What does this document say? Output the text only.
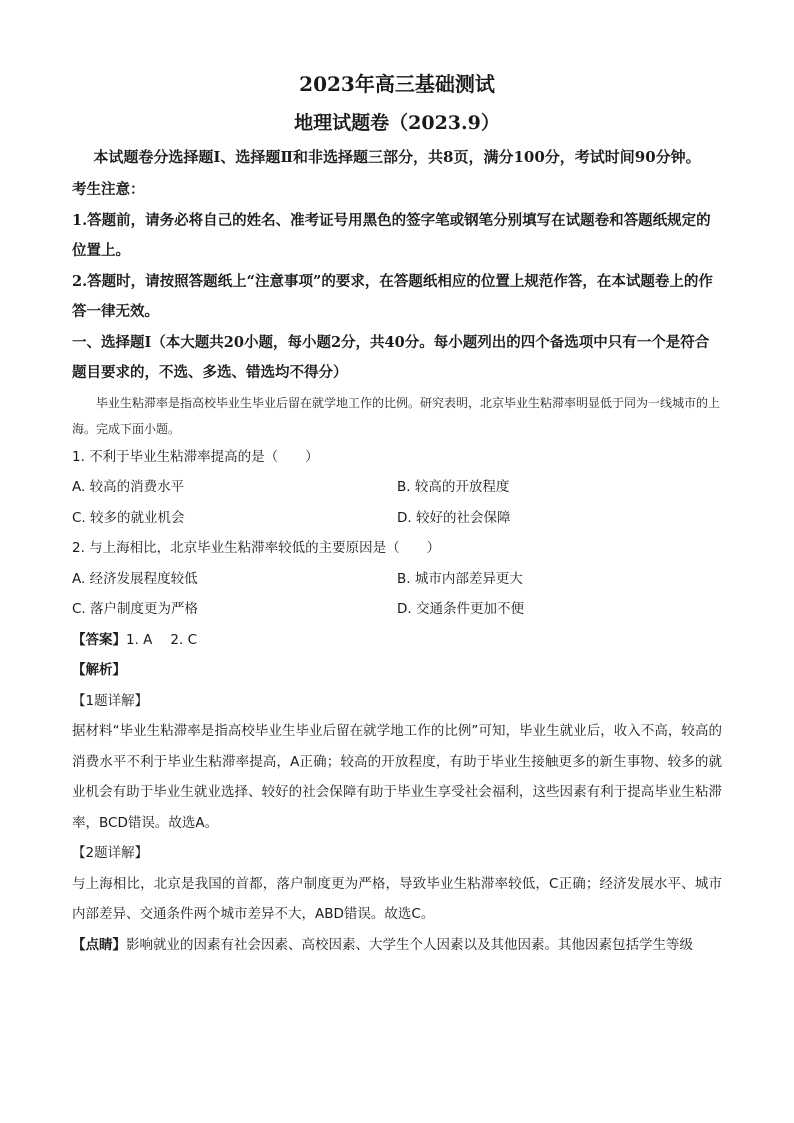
2023年高三基础测试
地理试题卷（2023.9）
本试题卷分选择题Ⅰ、选择题Ⅱ和非选择题三部分，共8页，满分100分，考试时间90分钟。
考生注意：
1.答题前，请务必将自己的姓名、准考证号用黑色的签字笔或钢笔分别填写在试题卷和答题纸规定的位置上。
2.答题时，请按照答题纸上“注意事项”的要求，在答题纸相应的位置上规范作答，在本试题卷上的作答一律无效。
一、选择题Ⅰ（本大题共20小题，每小题2分，共40分。每小题列出的四个备选项中只有一个是符合题目要求的，不选、多选、错选均不得分）
毕业生粘滞率是指高校毕业生毕业后留在就学地工作的比例。研究表明，北京毕业生粘滞率明显低于同为一线城市的上海。完成下面小题。
1. 不利于毕业生粘滞率提高的是（　　）
A. 较高的消费水平	B. 较高的开放程度
C. 较多的就业机会	D. 较好的社会保障
2. 与上海相比，北京毕业生粘滞率较低的主要原因是（　　）
A. 经济发展程度较低	B. 城市内部差异更大
C. 落户制度更为严格	D. 交通条件更加不便
【答案】1. A 2. C
【解析】
【1题详解】
据材料“毕业生粘滞率是指高校毕业生毕业后留在就学地工作的比例”可知，毕业生就业后，收入不高，较高的消费水平不利于毕业生粘滞率提高，A正确；较高的开放程度，有助于毕业生接触更多的新生事物、较多的就业机会有助于毕业生就业选择、较好的社会保障有助于毕业生享受社会福利，这些因素有利于提高毕业生粘滞率，BCD错误。故选A。
【2题详解】
与上海相比，北京是我国的首都，落户制度更为严格，导致毕业生粘滞率较低，C正确；经济发展水平、城市内部差异、交通条件两个城市差异不大，ABD错误。故选C。
【点睛】影响就业的因素有社会因素、高校因素、大学生个人因素以及其他因素。其他因素包括学生等级
